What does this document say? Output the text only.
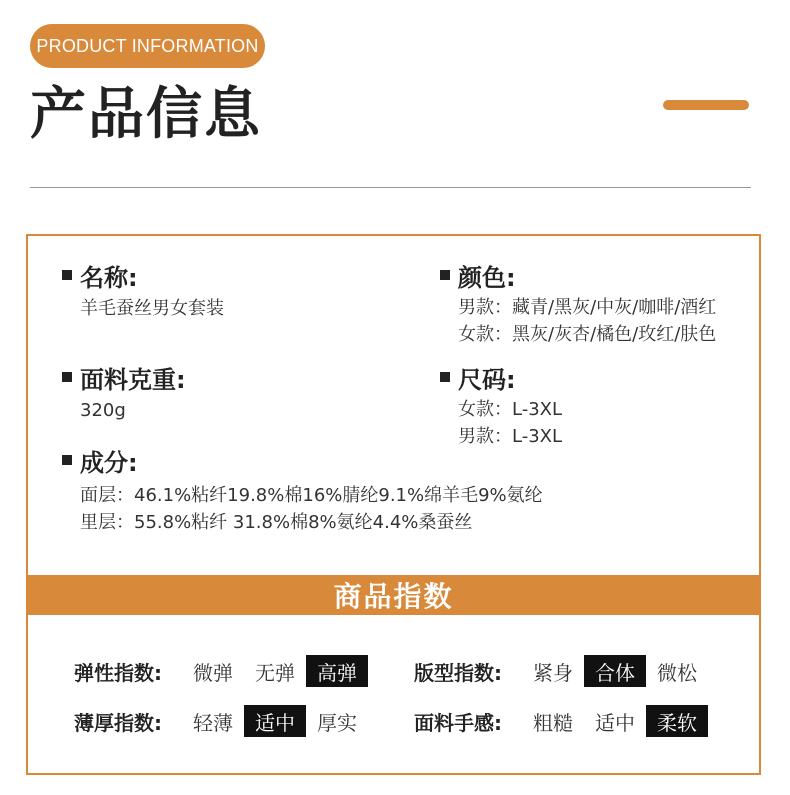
PRODUCT INFORMATION
产品信息
名称:
羊毛蚕丝男女套装
颜色:
男款：藏青/黑灰/中灰/咖啡/酒红
女款：黑灰/灰杏/橘色/玫红/肤色
面料克重:
320g
尺码:
女款：L-3XL
男款：L-3XL
成分:
面层：46.1%粘纤19.8%棉16%腈纶9.1%绵羊毛9%氨纶
里层：55.8%粘纤 31.8%棉8%氨纶4.4%桑蚕丝
商品指数
弹性指数:	微弹	无弹	高弹	版型指数:	紧身	合体	微松
薄厚指数:	轻薄	适中	厚实	面料手感:	粗糙	适中	柔软
